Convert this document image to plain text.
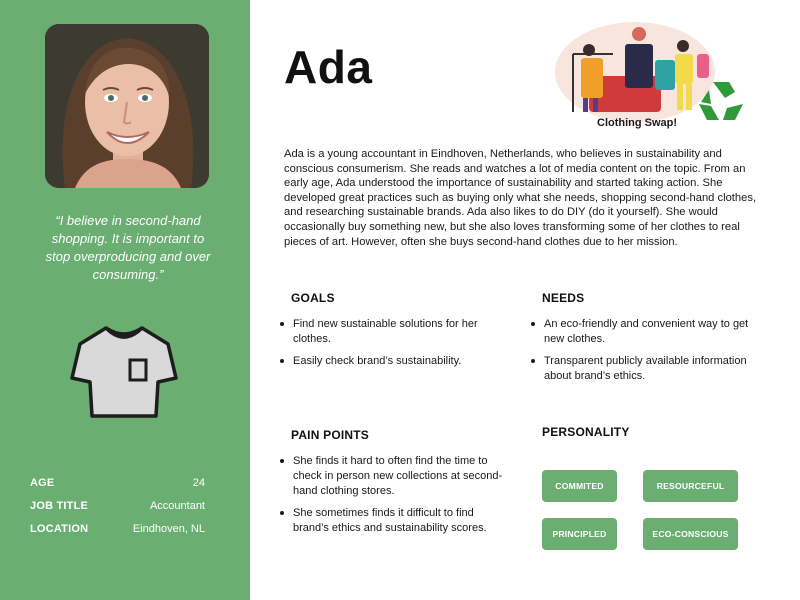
“I believe in second-hand shopping. It is important to stop overproducing and over consuming.”

AGE	24
JOB TITLE	Accountant
LOCATION	Eindhoven, NL
Ada
Clothing Swap!

Ada is a young accountant in Eindhoven, Netherlands, who believes in sustainability and conscious consumerism. She reads and watches a lot of media content on the topic. From an early age, Ada understood the importance of sustainability and started taking action. She developed great practices such as buying only what she needs, shopping second-hand clothes, and researching sustainable brands. Ada also likes to do DIY (do it yourself). She would occasionally buy something new, but she also loves transforming some of her clothes to real pieces of art. However, often she buys second-hand clothes due to her mission.

GOALS
Find new sustainable solutions for her clothes.
Easily check brand’s sustainability.
NEEDS
An eco-friendly and convenient way to get new clothes.
Transparent publicly available information about brand’s ethics.
PAIN POINTS
She finds it hard to often find the time to check in person new collections at second-hand clothing stores.
She sometimes finds it difficult to find brand’s ethics and sustainability scores.
PERSONALITY
COMMITED	RESOURCEFUL
PRINCIPLED	ECO-CONSCIOUS
